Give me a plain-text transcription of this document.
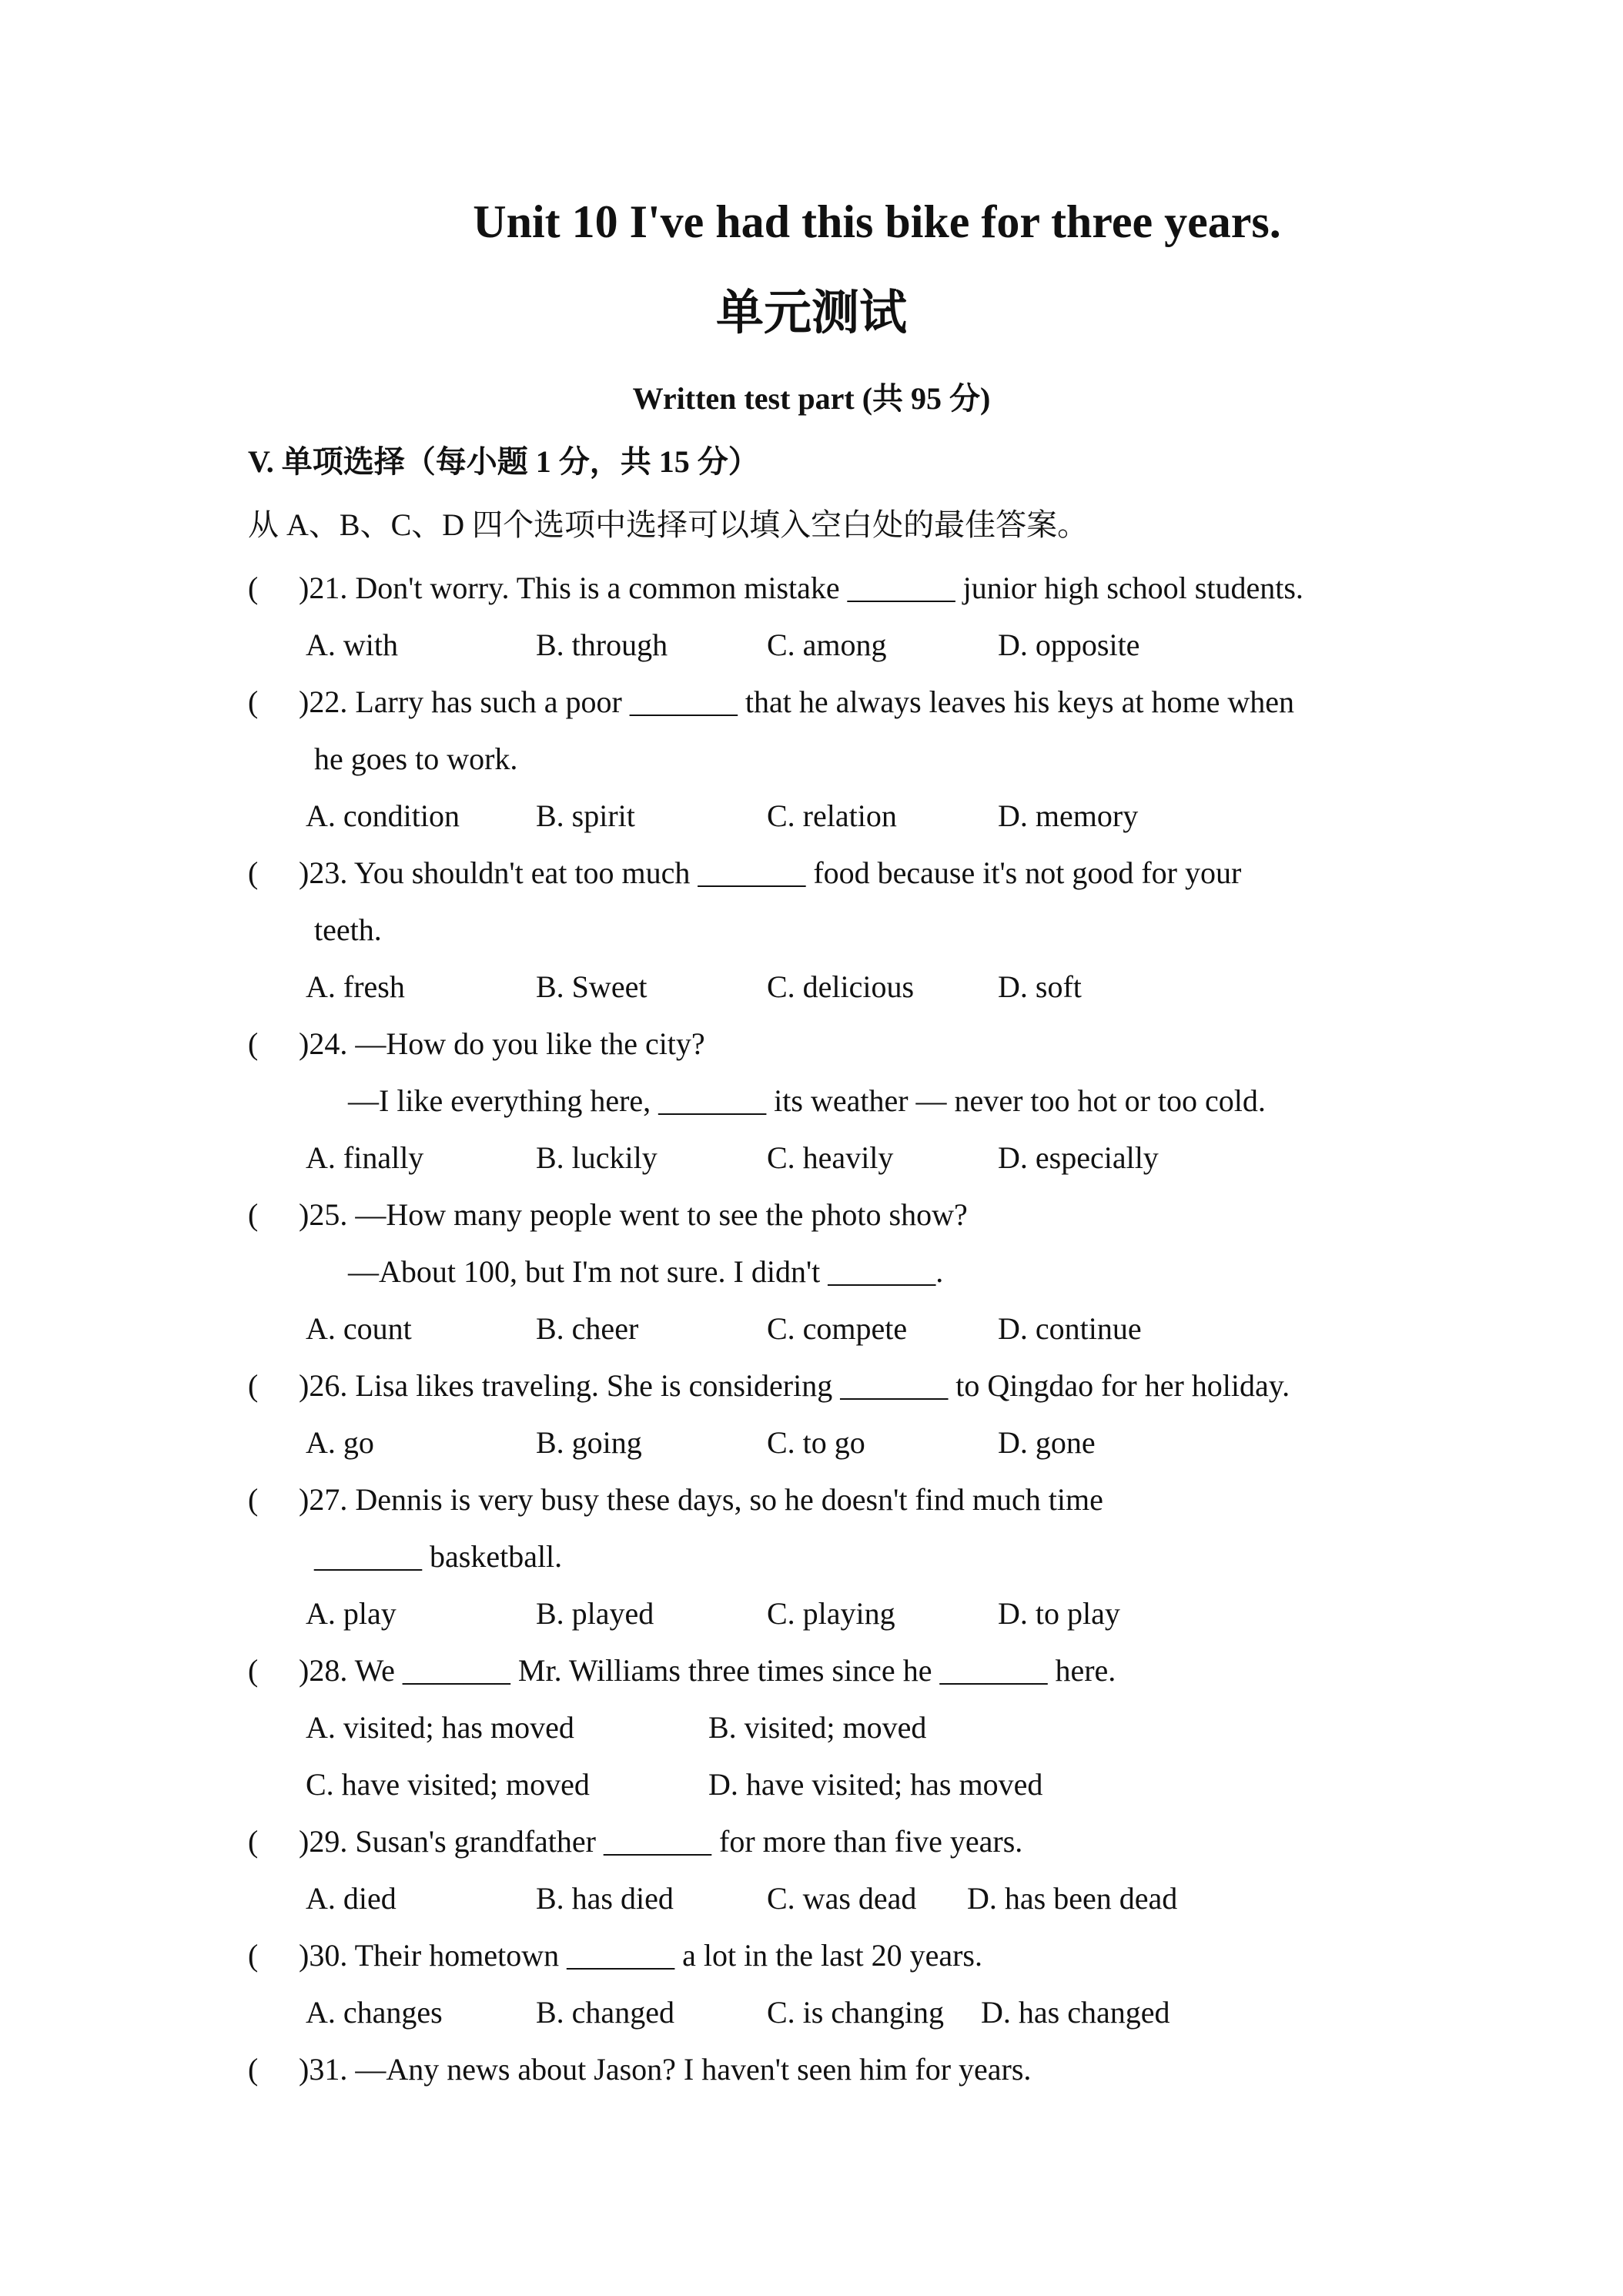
Unit 10 I've had this bike for three years.
单元测试
Written test part (共 95 分)
V. 单项选择（每小题 1 分，共 15 分）
从 A、B、C、D 四个选项中选择可以填入空白处的最佳答案。
( )21. Don't worry. This is a common mistake _______ junior high school students.
A. with	B. through	C. among	D. opposite
( )22. Larry has such a poor _______ that he always leaves his keys at home when
he goes to work.
A. condition B. spirit	C. relation	D. memory
( )23. You shouldn't eat too much _______ food because it's not good for your
teeth.
A. fresh	B. Sweet	C. delicious	D. soft
( )24. —How do you like the city?
—I like everything here, _______ its weather — never too hot or too cold.
A. finally	B. luckily	C. heavily	D. especially
( )25. —How many people went to see the photo show?
—About 100, but I'm not sure. I didn't _______.
A. count	B. cheer	C. compete	D. continue
( )26. Lisa likes traveling. She is considering _______ to Qingdao for her holiday.
A. go	B. going	C. to go	D. gone
( )27. Dennis is very busy these days, so he doesn't find much time
_______ basketball.
A. play	B. played	C. playing	D. to play
( )28. We _______ Mr. Williams three times since he _______ here.
A. visited; has moved	B. visited; moved
C. have visited; moved	D. have visited; has moved
( )29. Susan's grandfather _______ for more than five years.
A. died	B. has died	C. was dead D. has been dead
( )30. Their hometown _______ a lot in the last 20 years.
A. changes	B. changed	C. is changing D. has changed
( )31. —Any news about Jason? I haven't seen him for years.
